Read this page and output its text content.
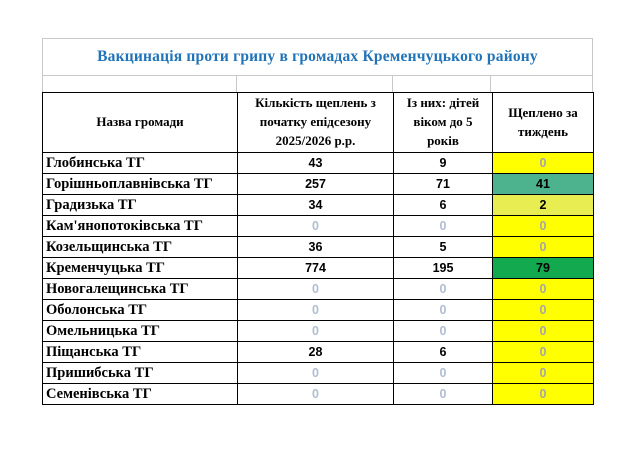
Вакцинація проти грипу в громадах Кременчуцького району
Назва громади	Кількість щеплень з початку епідсезону 2025/2026 р.р.	Із них: дітей віком до 5 років	Щеплено за тиждень
Глобинська ТГ	43	9	0
Горішньоплавнівська ТГ	257	71	41
Градизька ТГ	34	6	2
Кам'янопотоківська ТГ	0	0	0
Козельщинська ТГ	36	5	0
Кременчуцька ТГ	774	195	79
Новогалещинська ТГ	0	0	0
Оболонська ТГ	0	0	0
Омельницька ТГ	0	0	0
Піщанська ТГ	28	6	0
Пришибська ТГ	0	0	0
Семенівська ТГ	0	0	0
